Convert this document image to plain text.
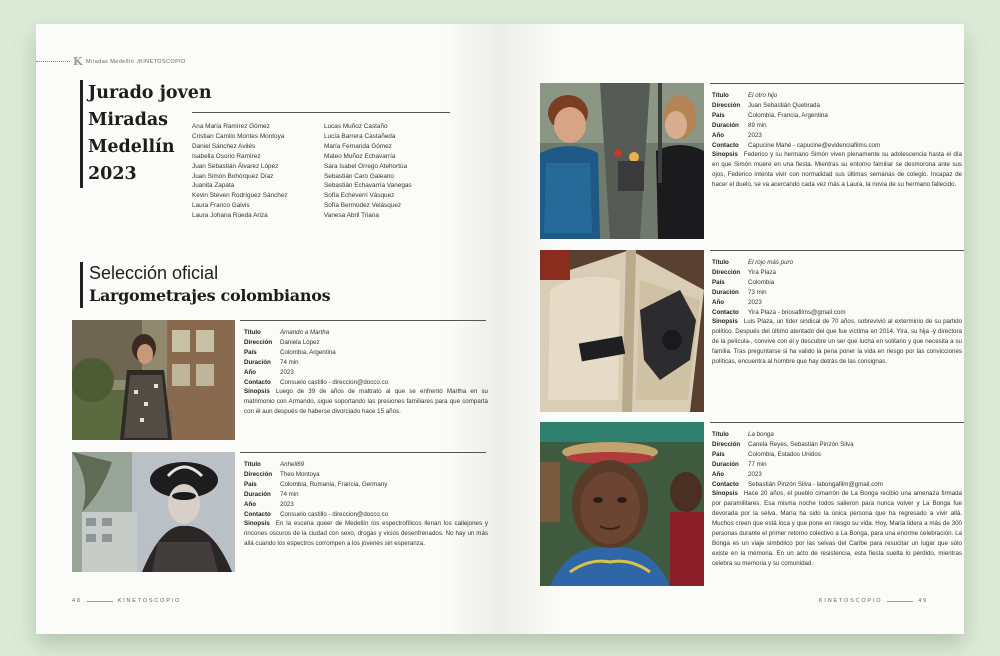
K Miradas Medellín /KINETOSCOPIO
Jurado joven
Miradas
Medellín
2023
Ana María Ramírez Gómez
Cristian Camilo Montes Montoya
Daniel Sánchez Avilés
Isabella Osorio Ramírez
Juan Sebastián Álvarez López
Juan Simón Bohórquez Díaz
Juanita Zapata
Kevin Steven Rodríguez Sánchez
Laura Franco Galvis
Laura Johana Rueda Ariza
Lucas Muñoz Castaño
Lucía Barrera Castañeda
María Fernanda Gómez
Mateo Muñoz Echavarría
Sara Isabel Orrego Atehortúa
Sebastián Caro Galeano
Sebastián Echavarría Vanegas
Sofía Echeverri Vásquez
Sofía Bermúdez Velásquez
Vanesa Abril Triana
Selección oficial
Largometrajes colombianos
Título	Amando a Martha
Dirección	Daniela López
País	Colombia, Argentina
Duración	74 min
Año	2023
Contacto	Consuelo castillo - direccion@docco.co
Sinopsis Luego de 39 de años de maltrato al que se enfrentó Martha en su matrimonio con Armando, sigue soportando las presiones familiares para que comparta con él aun después de haberse divorciado hace 15 años.
Título	Anhell69
Dirección	Theo Montoya
País	Colombia, Rumania, Francia, Germany
Duración	74 min
Año	2023
Contacto	Consuelo castillo - direccion@docco.co
Sinopsis En la escena queer de Medellín los espectrofílicos llenan los callejones y rincones oscuros de la ciudad con sexo, drogas y vicios desenfrenados. No hay un más allá cuando los espectros corrompen a los jóvenes sin esperanza.
48	KINETOSCOPIO
Título	El otro hijo
Dirección	Juan Sebastián Quebrada
País	Colombia, Francia, Argentina
Duración	89 min
Año	2023
Contacto	Capucine Mahé - capucine@evidenciafilms.com
Sinopsis Federico y su hermano Simón viven plenamente su adolescencia hasta el día en que Simón muere en una fiesta. Mientras su entorno familiar se desmorona ante sus ojos, Federico intenta vivir con normalidad sus últimas semanas de colegio. Incapaz de hacer el duelo, se va acercando cada vez más a Laura, la novia de su hermano fallecido.
Título	El rojo más puro
Dirección	Yira Plaza
País	Colombia
Duración	73 min
Año	2023
Contacto	Yira Plaza - briosafilms@gmail.com
Sinopsis Luis Plaza, un líder sindical de 70 años, sobrevivió al exterminio de su partido político. Después del último atentado del que fue víctima en 2014, Yira, su hija -y directora de la película-, convive con él y descubre un ser que lucha en solitario y que necesita a su familia. Tras preguntarse si ha valido la pena poner la vida en riesgo por las convicciones políticas, encuentra al hombre que hay detrás de las consignas.
Título	La bonga
Dirección	Canela Reyes, Sebastián Pinzón Silva
País	Colombia, Estados Unidos
Duración	77 min
Año	2023
Contacto	Sebastián Pinzón Silva - labongafilm@gmail.com
Sinopsis Hace 20 años, el pueblo cimarrón de La Bonga recibió una amenaza firmada por paramilitares. Esa misma noche todos salieron para nunca volver y La Bonga fue devorada por la selva. María ha sido la única persona que ha regresado a vivir allá. Muchos creen que está loca y que pone en riesgo su vida. Hoy, María lidera a más de 300 personas durante el primer retorno colectivo a La Bonga, para una enorme celebración. La Bonga es un viaje simbólico por las selvas del Caribe para resucitar un lugar que sólo existe en la memoria. En un acto de resistencia, esta fiesta suelta lo perdido, mientras celebra su memoria y su comunidad.
KINETOSCOPIO	49
